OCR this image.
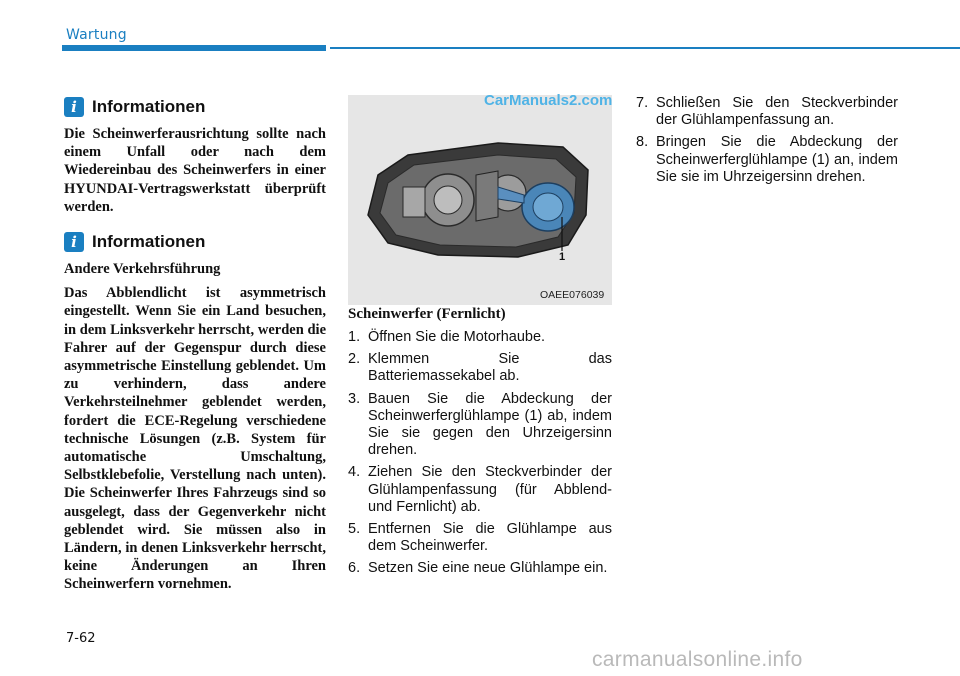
Wartung
i Informationen

Die Scheinwerferausrichtung sollte nach einem Unfall oder nach dem Wiedereinbau des Scheinwerfers in einer HYUNDAI-Vertragswerkstatt überprüft werden.

i Informationen

Andere Verkehrsführung

Das Abblendlicht ist asymmetrisch eingestellt. Wenn Sie ein Land besuchen, in dem Linksverkehr herrscht, werden die Fahrer auf der Gegenspur durch diese asymmetrische Einstellung geblendet. Um zu verhindern, dass andere Verkehrsteilnehmer geblendet werden, fordert die ECE-Regelung verschiedene technische Lösungen (z.B. System für automatische Umschaltung, Selbstklebefolie, Verstellung nach unten). Die Scheinwerfer Ihres Fahrzeugs sind so ausgelegt, dass der Gegenverkehr nicht geblendet wird. Sie müssen also in Ländern, in denen Linksverkehr herrscht, keine Änderungen an Ihren Scheinwerfern vornehmen.

1
CarManuals2.com
OAEE076039
Scheinwerfer (Fernlicht)
1. Öffnen Sie die Motorhaube.
2. Klemmen Sie das Batteriemassekabel ab.
3. Bauen Sie die Abdeckung der Scheinwerferglühlampe (1) ab, indem Sie sie gegen den Uhrzeigersinn drehen.
4. Ziehen Sie den Steckverbinder der Glühlampenfassung (für Abblend- und Fernlicht) ab.
5. Entfernen Sie die Glühlampe aus dem Scheinwerfer.
6. Setzen Sie eine neue Glühlampe ein.
7. Schließen Sie den Steckverbinder der Glühlampenfassung an.
8. Bringen Sie die Abdeckung der Scheinwerferglühlampe (1) an, indem Sie sie im Uhrzeigersinn drehen.
7-62
carmanualsonline.info
